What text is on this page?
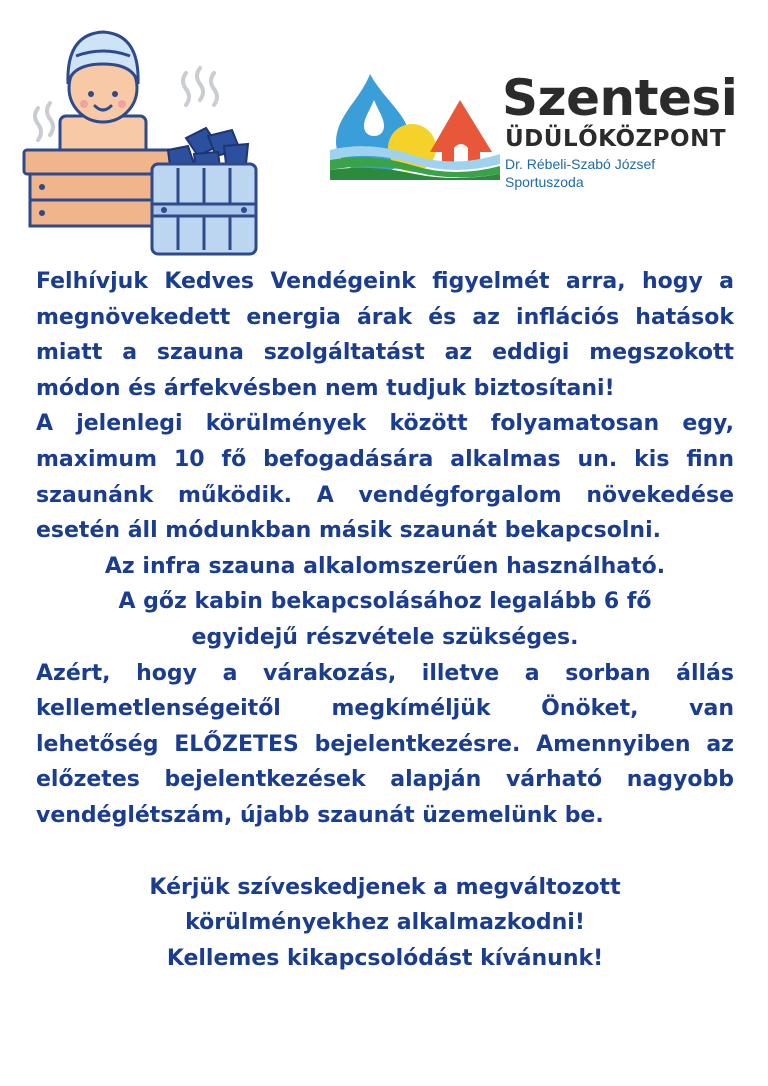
Szentesi
ÜDÜLŐKÖZPONT
Dr. Rébeli-Szabó József Sportuszoda

Felhívjuk Kedves Vendégeink figyelmét arra, hogy a megnövekedett energia árak és az inflációs hatások miatt a szauna szolgáltatást az eddigi megszokott módon és árfekvésben nem tudjuk biztosítani!

A jelenlegi körülmények között folyamatosan egy, maximum 10 fő befogadására alkalmas un. kis finn szaunánk működik. A vendégforgalom növekedése esetén áll módunkban másik szaunát bekapcsolni.

Az infra szauna alkalomszerűen használható.

A gőz kabin bekapcsolásához legalább 6 fő egyidejű részvétele szükséges.

Azért, hogy a várakozás, illetve a sorban állás kellemetlenségeitől megkíméljük Önöket, van lehetőség ELŐZETES bejelentkezésre. Amennyiben az előzetes bejelentkezések alapján várható nagyobb vendéglétszám, újabb szaunát üzemelünk be.

Kérjük szíveskedjenek a megváltozott körülményekhez alkalmazkodni!

Kellemes kikapcsolódást kívánunk!
